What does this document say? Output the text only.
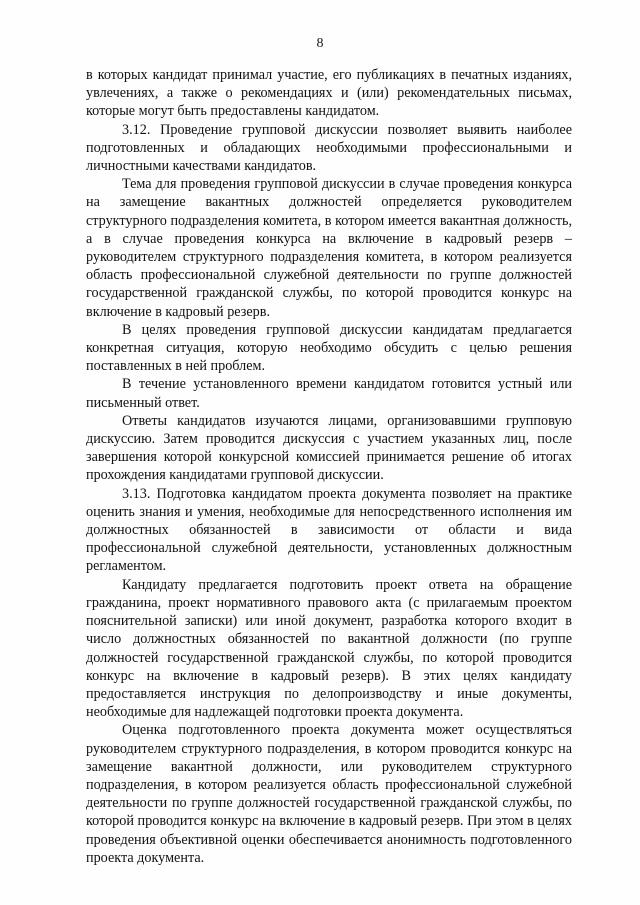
8

в которых кандидат принимал участие, его публикациях в печатных изданиях, увлечениях, а также о рекомендациях и (или) рекомендательных письмах, которые могут быть предоставлены кандидатом.

3.12. Проведение групповой дискуссии позволяет выявить наиболее подготовленных и обладающих необходимыми профессиональными и личностными качествами кандидатов.

Тема для проведения групповой дискуссии в случае проведения конкурса на замещение вакантных должностей определяется руководителем структурного подразделения комитета, в котором имеется вакантная должность, а в случае проведения конкурса на включение в кадровый резерв – руководителем структурного подразделения комитета, в котором реализуется область профессиональной служебной деятельности по группе должностей государственной гражданской службы, по которой проводится конкурс на включение в кадровый резерв.

В целях проведения групповой дискуссии кандидатам предлагается конкретная ситуация, которую необходимо обсудить с целью решения поставленных в ней проблем.

В течение установленного времени кандидатом готовится устный или письменный ответ.

Ответы кандидатов изучаются лицами, организовавшими групповую дискуссию. Затем проводится дискуссия с участием указанных лиц, после завершения которой конкурсной комиссией принимается решение об итогах прохождения кандидатами групповой дискуссии.

3.13. Подготовка кандидатом проекта документа позволяет на практике оценить знания и умения, необходимые для непосредственного исполнения им должностных обязанностей в зависимости от области и вида профессиональной служебной деятельности, установленных должностным регламентом.

Кандидату предлагается подготовить проект ответа на обращение гражданина, проект нормативного правового акта (с прилагаемым проектом пояснительной записки) или иной документ, разработка которого входит в число должностных обязанностей по вакантной должности (по группе должностей государственной гражданской службы, по которой проводится конкурс на включение в кадровый резерв). В этих целях кандидату предоставляется инструкция по делопроизводству и иные документы, необходимые для надлежащей подготовки проекта документа.

Оценка подготовленного проекта документа может осуществляться руководителем структурного подразделения, в котором проводится конкурс на замещение вакантной должности, или руководителем структурного подразделения, в котором реализуется область профессиональной служебной деятельности по группе должностей государственной гражданской службы, по которой проводится конкурс на включение в кадровый резерв. При этом в целях проведения объективной оценки обеспечивается анонимность подготовленного проекта документа.
